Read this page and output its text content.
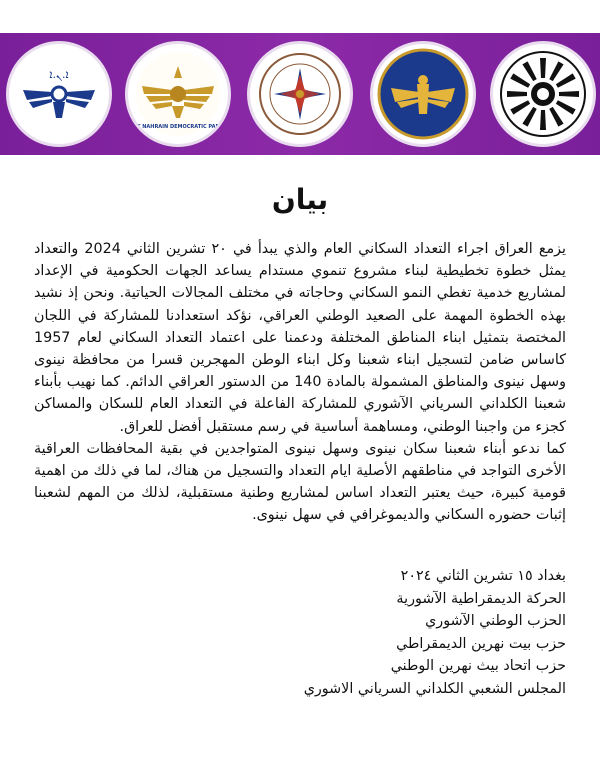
ܐ.ܢ.ܐ
BET NAHRAIN DEMOCRATIC PARTY
بيان

يزمع العراق اجراء التعداد السكاني العام والذي يبدأ في ٢٠ تشرين الثاني 2024 والتعداد يمثل خطوة تخطيطية لبناء مشروع تنموي مستدام يساعد الجهات الحكومية في الإعداد لمشاريع خدمية تغطي النمو السكاني وحاجاته في مختلف المجالات الحياتية. ونحن إذ نشيد بهذه الخطوة المهمة على الصعيد الوطني العراقي، نؤكد استعدادنا للمشاركة في اللجان المختصة بتمثيل ابناء المناطق المختلفة ودعمنا على اعتماد التعداد السكاني لعام 1957 كاساس ضامن لتسجيل ابناء شعبنا وكل ابناء الوطن المهجرين قسرا من محافظة نينوى وسهل نينوى والمناطق المشمولة بالمادة 140 من الدستور العراقي الدائم. كما نهيب بأبناء شعبنا الكلداني السرياني الآشوري للمشاركة الفاعلة في التعداد العام للسكان والمساكن كجزء من واجبنا الوطني، ومساهمة أساسية في رسم مستقبل أفضل للعراق.

كما ندعو أبناء شعبنا سكان نينوى وسهل نينوى المتواجدين في بقية المحافظات العراقية الأخرى التواجد في مناطقهم الأصلية ايام التعداد والتسجيل من هناك، لما في ذلك من اهمية قومية كبيرة، حيث يعتبر التعداد اساس لمشاريع وطنية مستقبلية، لذلك من المهم لشعبنا إثبات حضوره السكاني والديموغرافي في سهل نينوى.

بغداد ١٥ تشرين الثاني ٢٠٢٤
الحركة الديمقراطية الآشورية
الحزب الوطني الآشوري
حزب بيت نهرين الديمقراطي
حزب اتحاد بيث نهرين الوطني
المجلس الشعبي الكلداني السرياني الاشوري
